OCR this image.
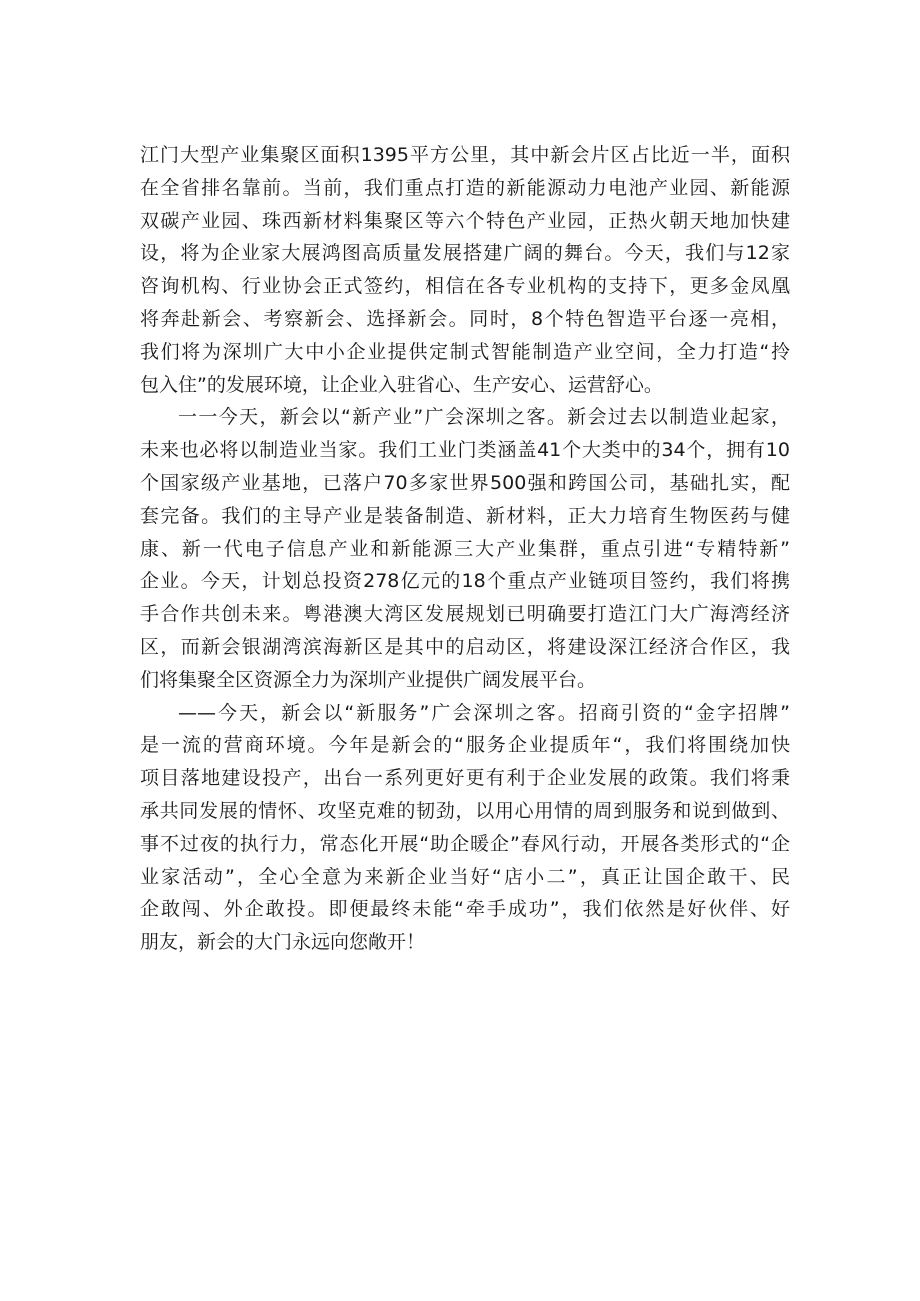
江门大型产业集聚区面积1395平方公里，其中新会片区占比近一半，面积
在全省排名靠前。当前，我们重点打造的新能源动力电池产业园、新能源
双碳产业园、珠西新材料集聚区等六个特色产业园，正热火朝天地加快建
设，将为企业家大展鸿图高质量发展搭建广阔的舞台。今天，我们与12家
咨询机构、行业协会正式签约，相信在各专业机构的支持下，更多金凤凰
将奔赴新会、考察新会、选择新会。同时，8个特色智造平台逐一亮相，
我们将为深圳广大中小企业提供定制式智能制造产业空间，全力打造“拎
包入住”的发展环境，让企业入驻省心、生产安心、运营舒心。
一一今天，新会以“新产业”广会深圳之客。新会过去以制造业起家，
未来也必将以制造业当家。我们工业门类涵盖41个大类中的34个，拥有10
个国家级产业基地，已落户70多家世界500强和跨国公司，基础扎实，配
套完备。我们的主导产业是装备制造、新材料，正大力培育生物医药与健
康、新一代电子信息产业和新能源三大产业集群，重点引进“专精特新”
企业。今天，计划总投资278亿元的18个重点产业链项目签约，我们将携
手合作共创未来。粤港澳大湾区发展规划已明确要打造江门大广海湾经济
区，而新会银湖湾滨海新区是其中的启动区，将建设深江经济合作区，我
们将集聚全区资源全力为深圳产业提供广阔发展平台。
——今天，新会以“新服务”广会深圳之客。招商引资的“金字招牌”
是一流的营商环境。今年是新会的“服务企业提质年“，我们将围绕加快
项目落地建设投产，出台一系列更好更有利于企业发展的政策。我们将秉
承共同发展的情怀、攻坚克难的韧劲，以用心用情的周到服务和说到做到、
事不过夜的执行力，常态化开展“助企暖企”春风行动，开展各类形式的“企
业家活动”，全心全意为来新企业当好“店小二”，真正让国企敢干、民
企敢闯、外企敢投。即便最终未能“牵手成功”，我们依然是好伙伴、好
朋友，新会的大门永远向您敞开！
